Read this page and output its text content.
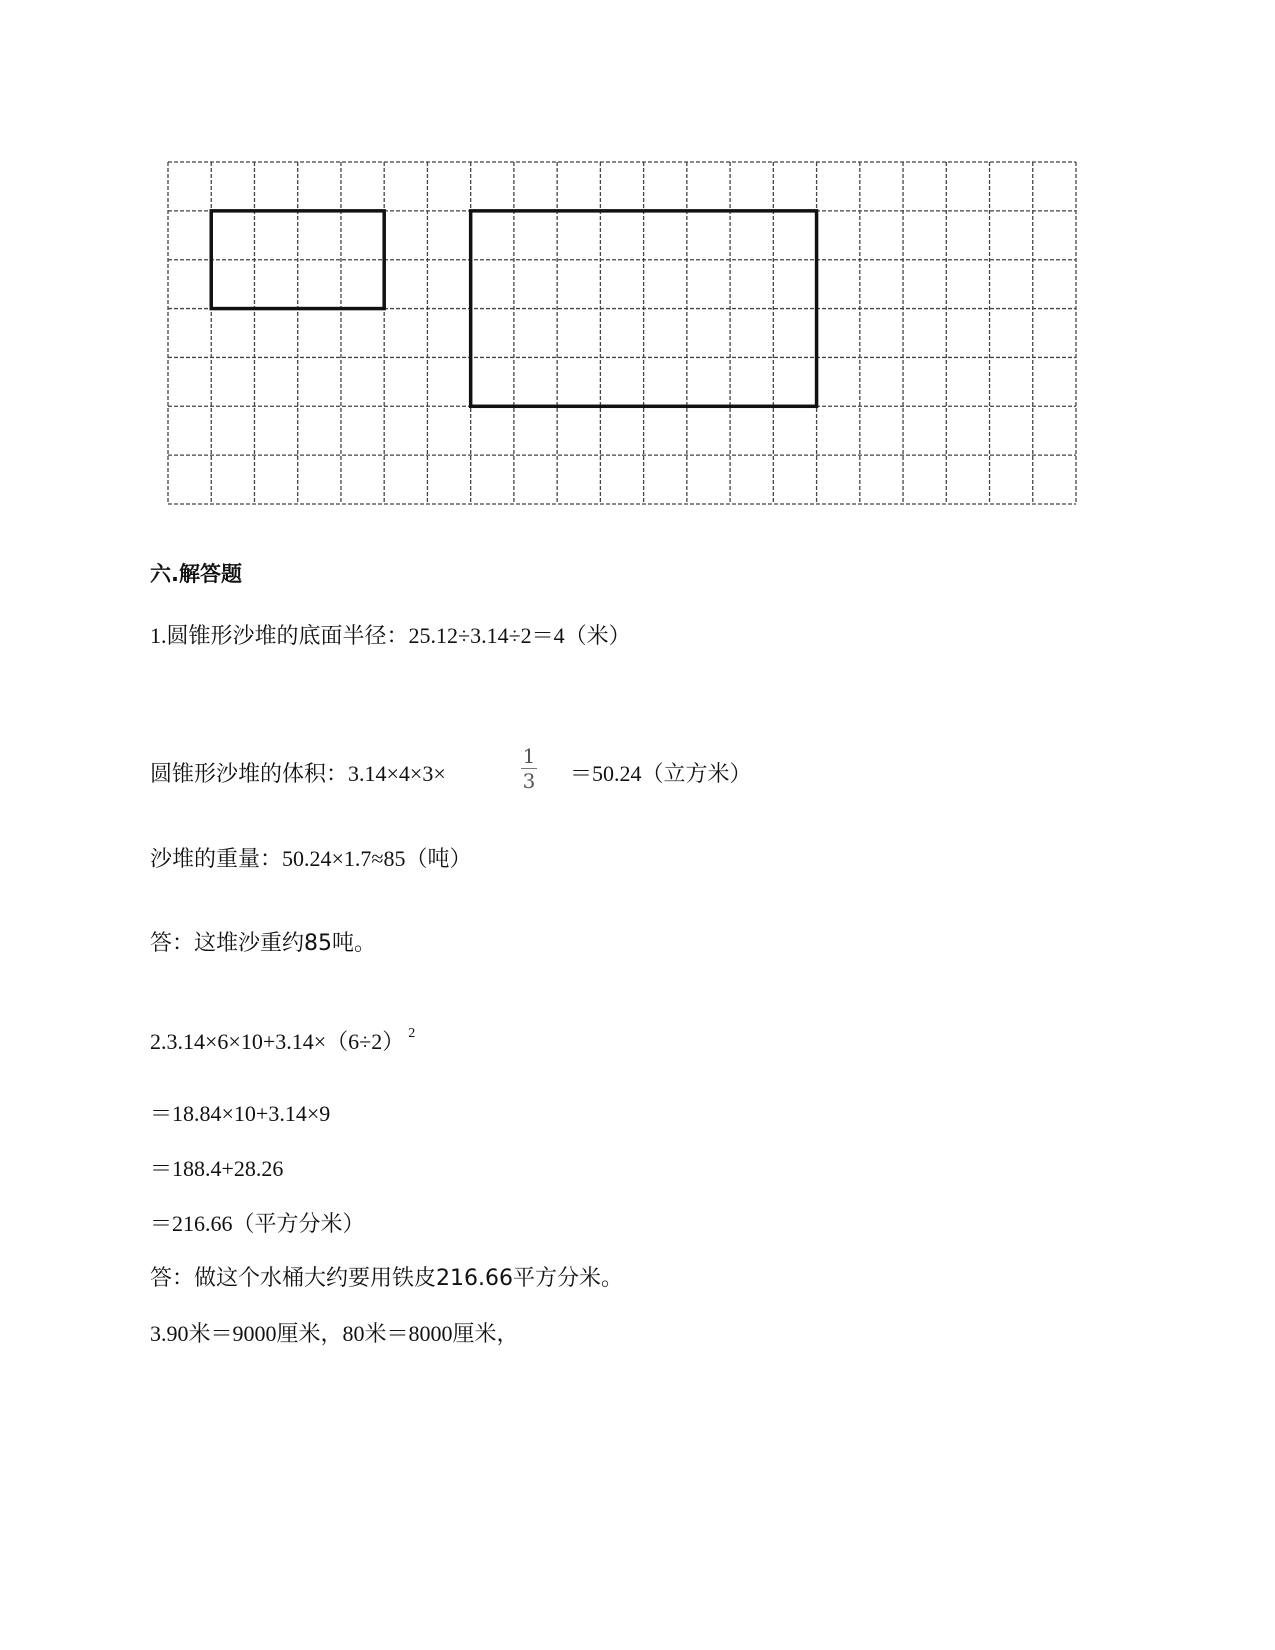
六.解答题
1.圆锥形沙堆的底面半径：25.12÷3.14÷2＝4（米）
圆锥形沙堆的体积：3.14×4×3×
1
3 ＝50.24（立方米）
沙堆的重量：50.24×1.7≈85（吨）
答：这堆沙重约85吨。
2.3.14×6×10+3.14×（6÷2） $^2$
＝18.84×10+3.14×9
＝188.4+28.26
＝216.66（平方分米）
答：做这个水桶大约要用铁皮216.66平方分米。
3.90米＝9000厘米，80米＝8000厘米，
